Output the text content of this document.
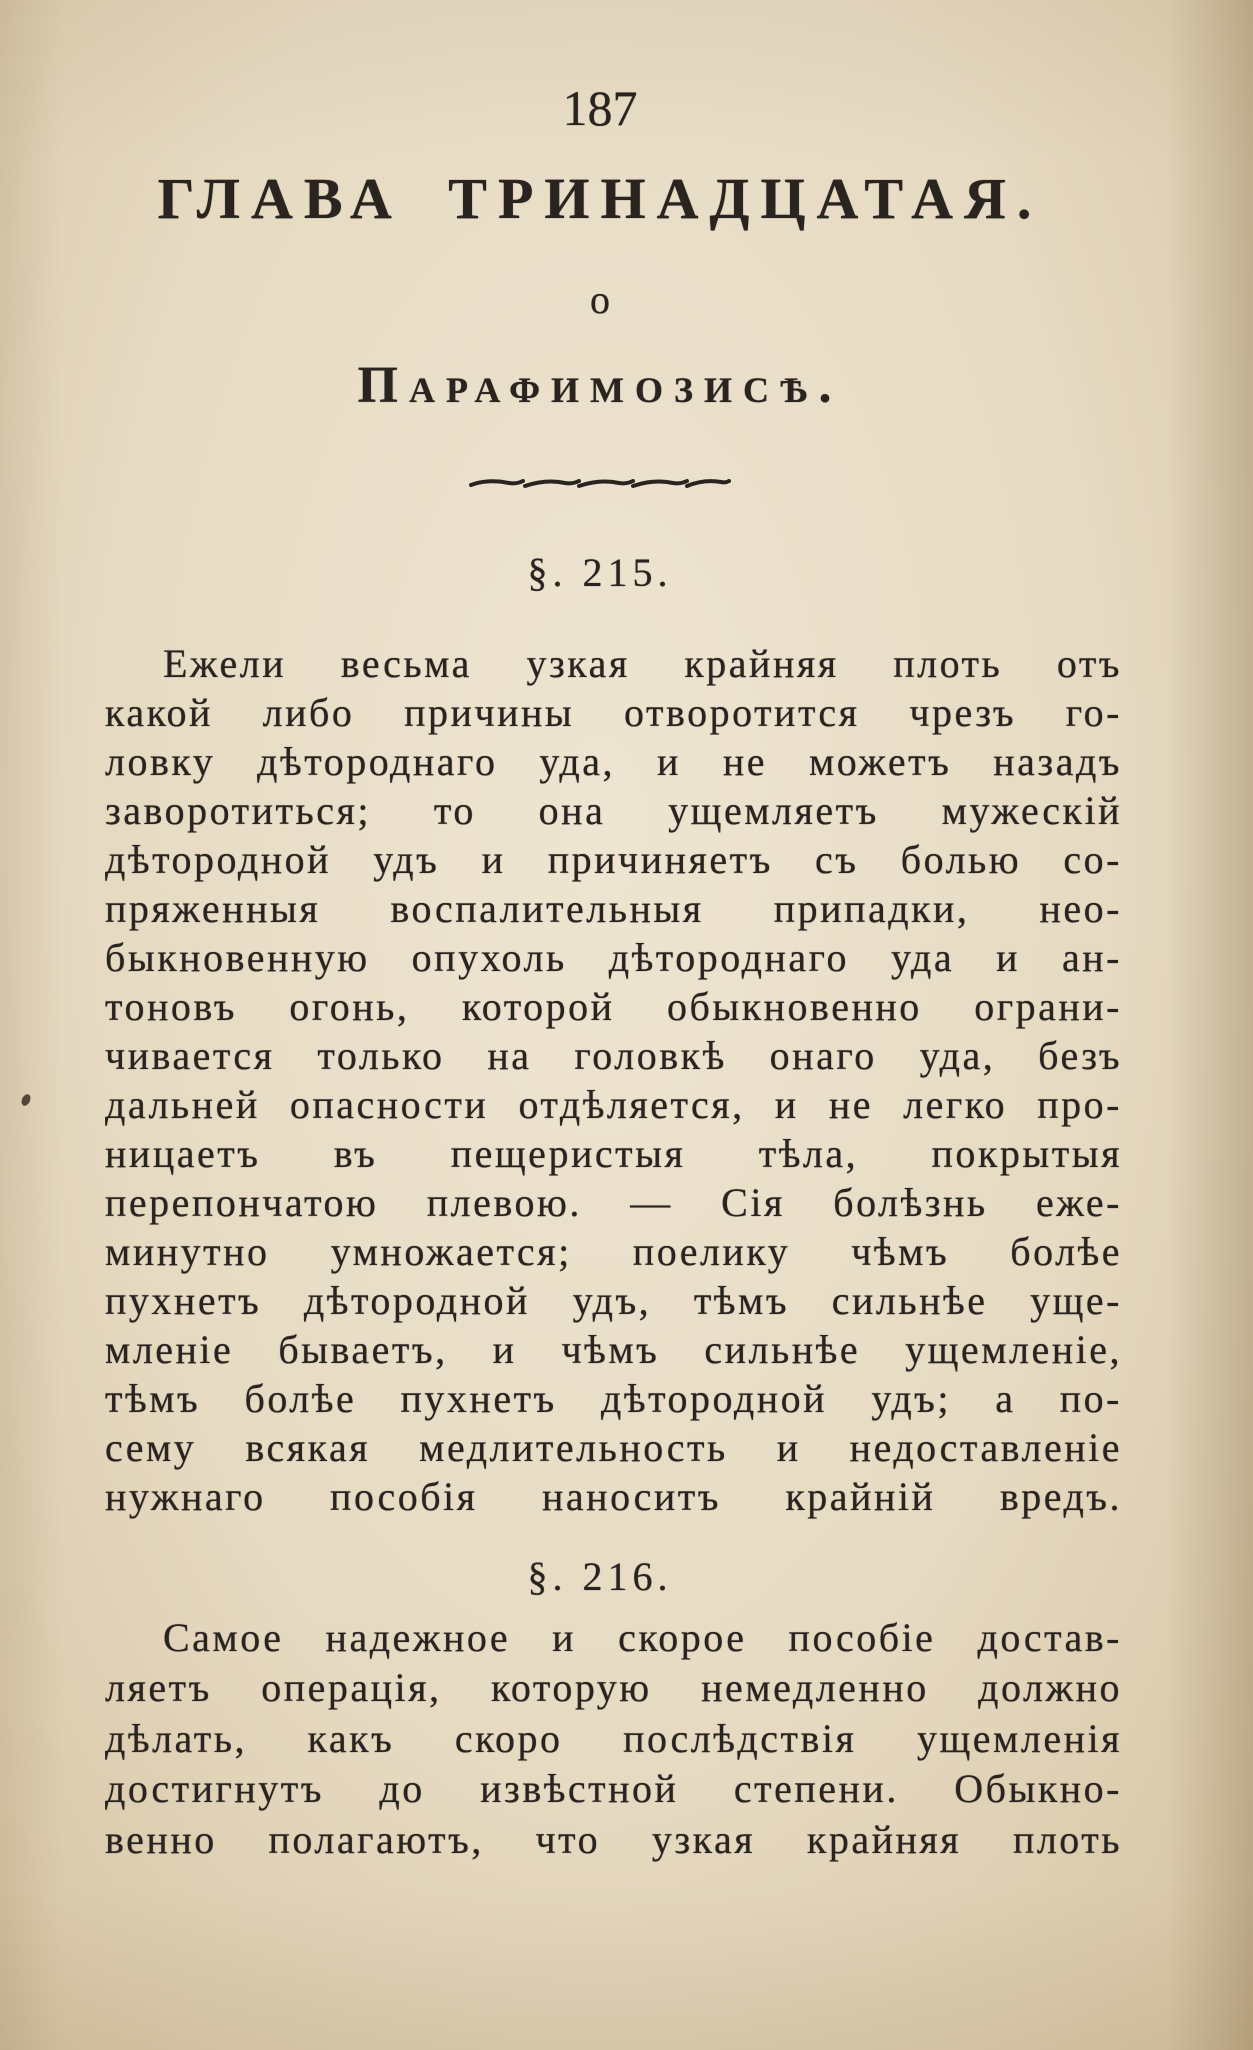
187
ГЛАВА ТРИНАДЦАТАЯ.
о
Парафимозисѣ.
§. 215.
Ежели весьма узкая крайняя плоть отъ
какой либо причины отворотится чрезъ го-
ловку дѣтороднаго уда, и не можетъ назадъ
заворотиться; то она ущемляетъ мужескій
дѣтородной удъ и причиняетъ съ болью со-
пряженныя воспалительныя припадки, нео-
быкновенную опухоль дѣтороднаго уда и ан-
тоновъ огонь, которой обыкновенно ограни-
чивается только на головкѣ онаго уда, безъ
дальней опасности отдѣляется, и не легко про-
ницаетъ въ пещеристыя тѣла, покрытыя
перепончатою плевою. — Сія болѣзнь еже-
минутно умножается; поелику чѣмъ болѣе
пухнетъ дѣтородной удъ, тѣмъ сильнѣе уще-
мленіе бываетъ, и чѣмъ сильнѣе ущемленіе,
тѣмъ болѣе пухнетъ дѣтородной удъ; а по-
сему всякая медлительность и недоставленіе
нужнаго пособія наноситъ крайній вредъ.
§. 216.
Самое надежное и скорое пособіе достав-
ляетъ операція, которую немедленно должно
дѣлать, какъ скоро послѣдствія ущемленія
достигнутъ до извѣстной степени. Обыкно-
венно полагаютъ, что узкая крайняя плоть
